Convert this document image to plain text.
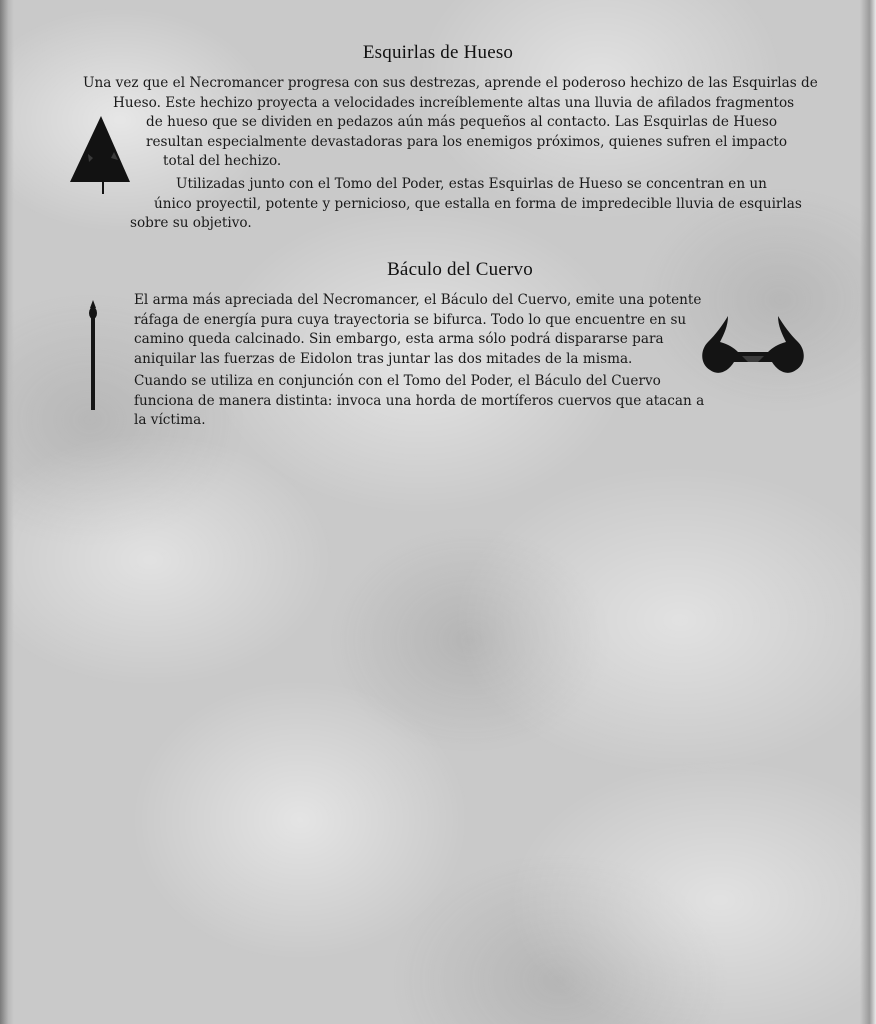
Esquirlas de Hueso

Una vez que el Necromancer progresa con sus destrezas, aprende el poderoso hechizo de las Esquirlas de
Hueso. Este hechizo proyecta a velocidades increíblemente altas una lluvia de afilados fragmentos
de hueso que se dividen en pedazos aún más pequeños al contacto. Las Esquirlas de Hueso
resultan especialmente devastadoras para los enemigos próximos, quienes sufren el impacto
total del hechizo.

Utilizadas junto con el Tomo del Poder, estas Esquirlas de Hueso se concentran en un
único proyectil, potente y pernicioso, que estalla en forma de impredecible lluvia de esquirlas
sobre su objetivo.

Báculo del Cuervo

El arma más apreciada del Necromancer, el Báculo del Cuervo, emite una potente
ráfaga de energía pura cuya trayectoria se bifurca. Todo lo que encuentre en su
camino queda calcinado. Sin embargo, esta arma sólo podrá dispararse para
aniquilar las fuerzas de Eidolon tras juntar las dos mitades de la misma.

Cuando se utiliza en conjunción con el Tomo del Poder, el Báculo del Cuervo
funciona de manera distinta: invoca una horda de mortíferos cuervos que atacan a
la víctima.
